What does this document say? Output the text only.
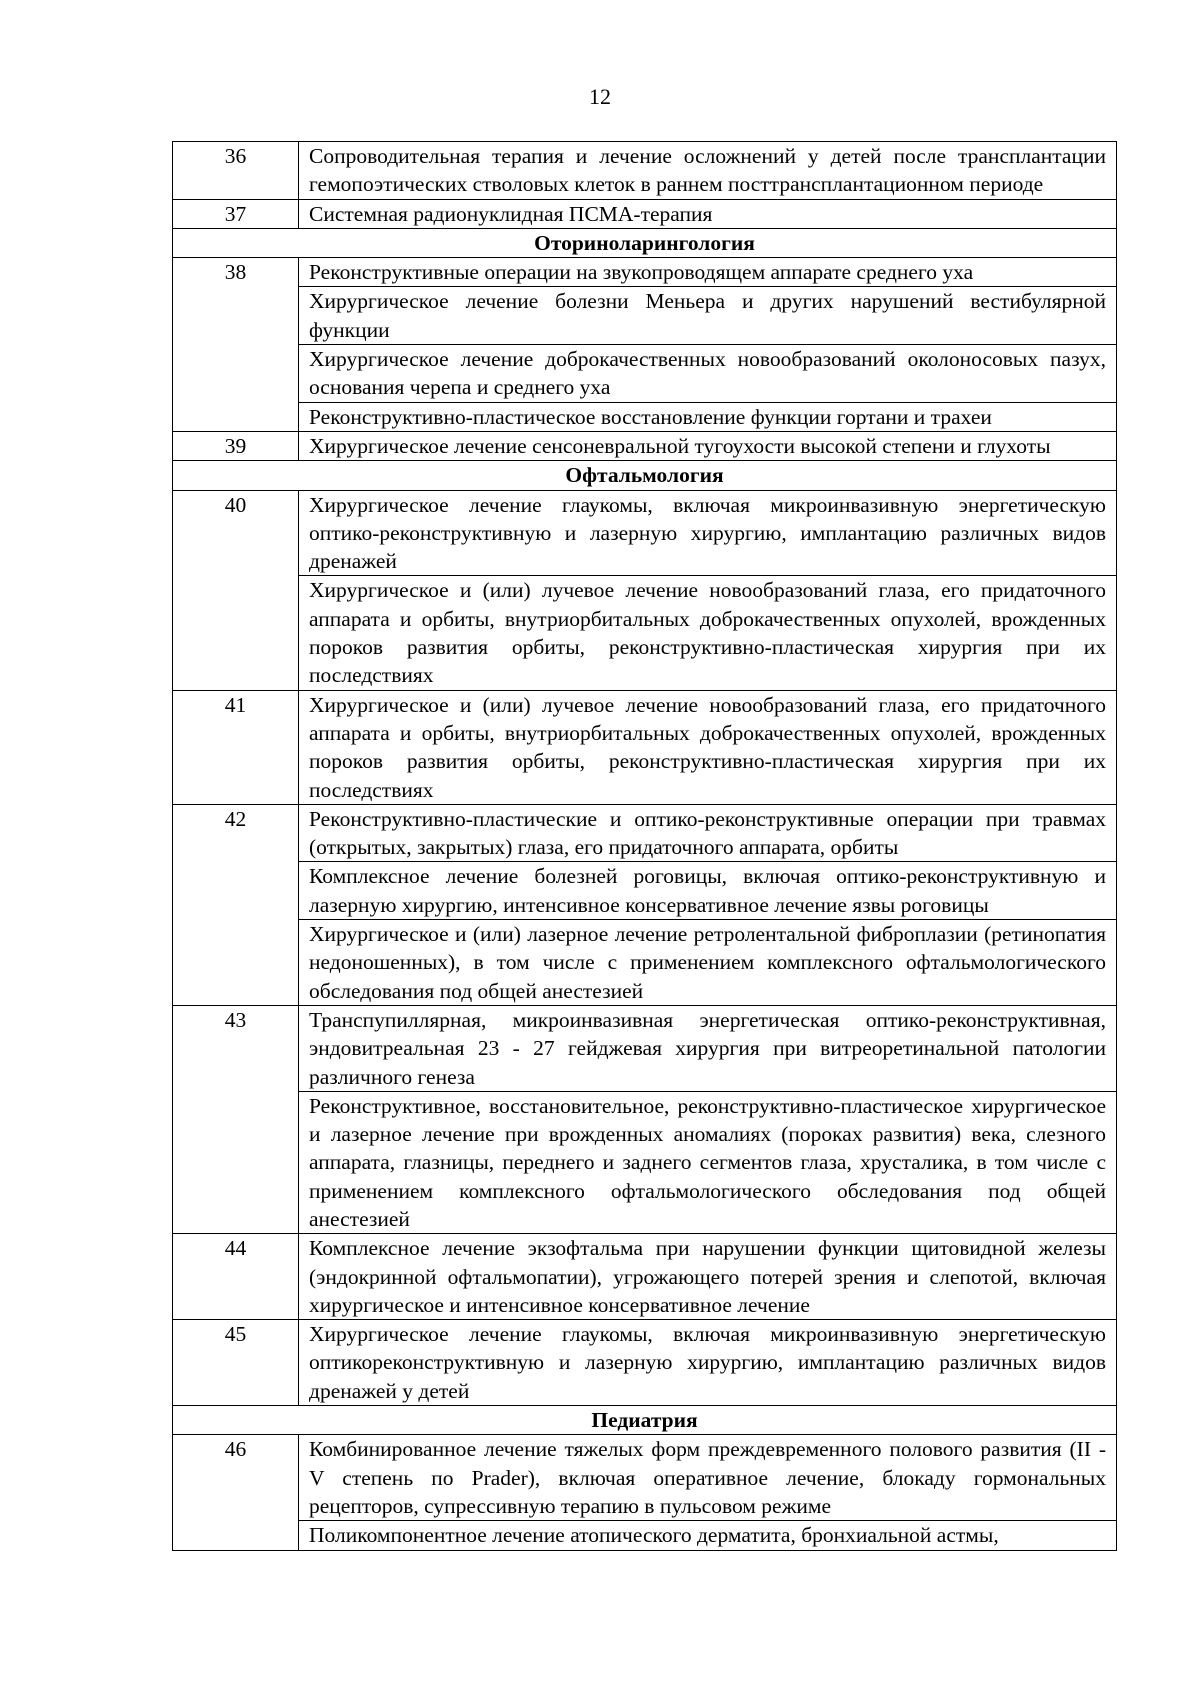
12
36	Сопроводительная терапия и лечение осложнений у детей после трансплантации гемопоэтических стволовых клеток в раннем посттрансплантационном периоде
37	Системная радионуклидная ПСМА-терапия
Оториноларингология	
38	Реконструктивные операции на звукопроводящем аппарате среднего уха
	Хирургическое лечение болезни Меньера и других нарушений вестибулярной функции
	Хирургическое лечение доброкачественных новообразований околоносовых пазух, основания черепа и среднего уха
	Реконструктивно-пластическое восстановление функции гортани и трахеи
39	Хирургическое лечение сенсоневральной тугоухости высокой степени и глухоты
Офтальмология	
40	Хирургическое лечение глаукомы, включая микроинвазивную энергетическую оптико-реконструктивную и лазерную хирургию, имплантацию различных видов дренажей
	Хирургическое и (или) лучевое лечение новообразований глаза, его придаточного аппарата и орбиты, внутриорбитальных доброкачественных опухолей, врожденных пороков развития орбиты, реконструктивно-пластическая хирургия при их последствиях
41	Хирургическое и (или) лучевое лечение новообразований глаза, его придаточного аппарата и орбиты, внутриорбитальных доброкачественных опухолей, врожденных пороков развития орбиты, реконструктивно-пластическая хирургия при их последствиях
42	Реконструктивно-пластические и оптико-реконструктивные операции при травмах (открытых, закрытых) глаза, его придаточного аппарата, орбиты
	Комплексное лечение болезней роговицы, включая оптико-реконструктивную и лазерную хирургию, интенсивное консервативное лечение язвы роговицы
	Хирургическое и (или) лазерное лечение ретролентальной фиброплазии (ретинопатия недоношенных), в том числе с применением комплексного офтальмологического обследования под общей анестезией
43	Транспупиллярная, микроинвазивная энергетическая оптико-реконструктивная, эндовитреальная 23 - 27 гейджевая хирургия при витреоретинальной патологии различного генеза
	Реконструктивное, восстановительное, реконструктивно-пластическое хирургическое и лазерное лечение при врожденных аномалиях (пороках развития) века, слезного аппарата, глазницы, переднего и заднего сегментов глаза, хрусталика, в том числе с применением комплексного офтальмологического обследования под общей анестезией
44	Комплексное лечение экзофтальма при нарушении функции щитовидной железы (эндокринной офтальмопатии), угрожающего потерей зрения и слепотой, включая хирургическое и интенсивное консервативное лечение
45	Хирургическое лечение глаукомы, включая микроинвазивную энергетическую оптикореконструктивную и лазерную хирургию, имплантацию различных видов дренажей у детей
Педиатрия	
46	Комбинированное лечение тяжелых форм преждевременного полового развития (II - V степень по Prader), включая оперативное лечение, блокаду гормональных рецепторов, супрессивную терапию в пульсовом режиме
	Поликомпонентное лечение атопического дерматита, бронхиальной астмы,
